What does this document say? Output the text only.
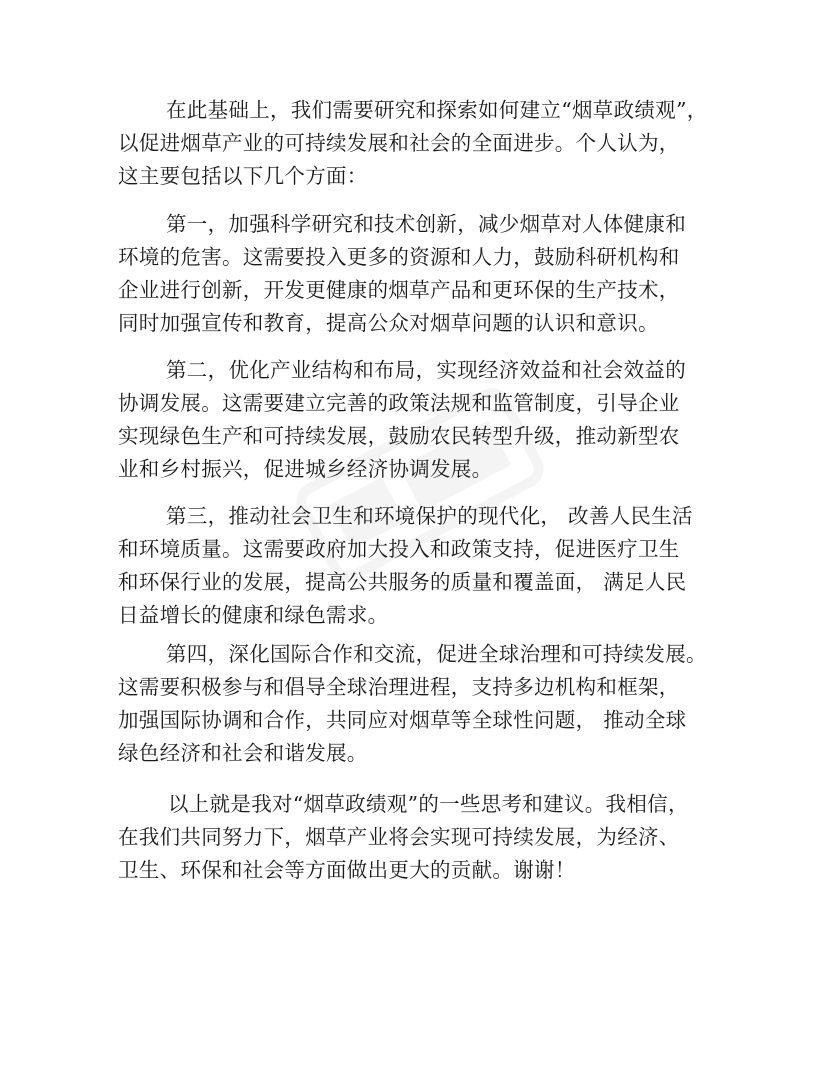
在此基础上，我们需要研究和探索如何建立“烟草政绩观”，
以促进烟草产业的可持续发展和社会的全面进步。个人认为，
这主要包括以下几个方面：
第一，加强科学研究和技术创新，减少烟草对人体健康和
环境的危害。这需要投入更多的资源和人力，鼓励科研机构和
企业进行创新，开发更健康的烟草产品和更环保的生产技术，
同时加强宣传和教育，提高公众对烟草问题的认识和意识。
第二，优化产业结构和布局，实现经济效益和社会效益的
协调发展。这需要建立完善的政策法规和监管制度，引导企业
实现绿色生产和可持续发展，鼓励农民转型升级，推动新型农
业和乡村振兴，促进城乡经济协调发展。
第三，推动社会卫生和环境保护的现代化， 改善人民生活
和环境质量。这需要政府加大投入和政策支持，促进医疗卫生
和环保行业的发展，提高公共服务的质量和覆盖面， 满足人民
日益增长的健康和绿色需求。
第四，深化国际合作和交流，促进全球治理和可持续发展。
这需要积极参与和倡导全球治理进程，支持多边机构和框架，
加强国际协调和合作，共同应对烟草等全球性问题， 推动全球
绿色经济和社会和谐发展。
以上就是我对“烟草政绩观”的一些思考和建议。我相信，
在我们共同努力下，烟草产业将会实现可持续发展，为经济、
卫生、环保和社会等方面做出更大的贡献。谢谢！
